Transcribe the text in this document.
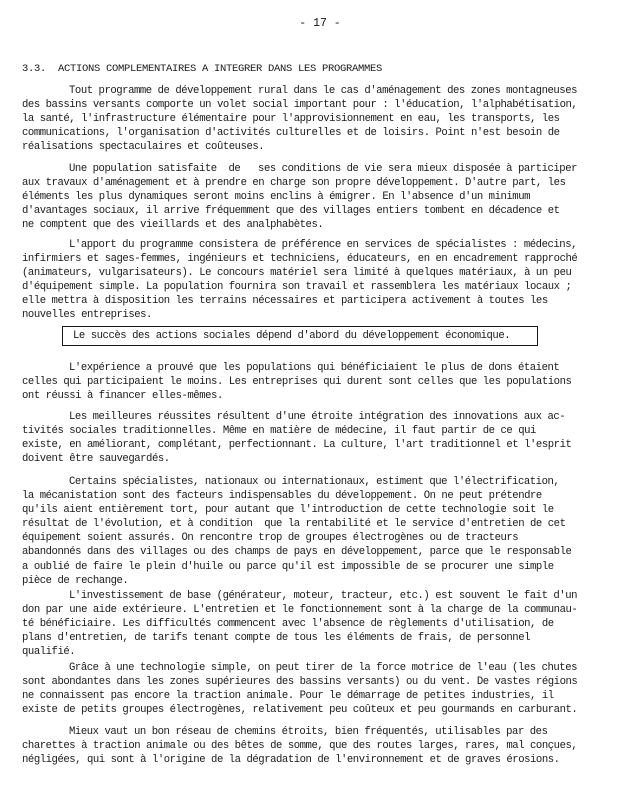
- 17 -
3.3. ACTIONS COMPLEMENTAIRES A INTEGRER DANS LES PROGRAMMES
Tout programme de développement rural dans le cas d'aménagement des zones montagneuses
des bassins versants comporte un volet social important pour : l'éducation, l'alphabétisation,
la santé, l'infrastructure élémentaire pour l'approvisionnement en eau, les transports, les
communications, l'organisation d'activités culturelles et de loisirs. Point n'est besoin de
réalisations spectaculaires et coûteuses.
Une population satisfaite  de   ses conditions de vie sera mieux disposée à participer
aux travaux d'aménagement et à prendre en charge son propre développement. D'autre part, les
éléments les plus dynamiques seront moins enclins à émigrer. En l'absence d'un minimum
d'avantages sociaux, il arrive fréquemment que des villages entiers tombent en décadence et
ne comptent que des vieillards et des analphabètes.
L'apport du programme consistera de préférence en services de spécialistes : médecins,
infirmiers et sages-femmes, ingénieurs et techniciens, éducateurs, en en encadrement rapproché
(animateurs, vulgarisateurs). Le concours matériel sera limité à quelques matériaux, à un peu
d'équipement simple. La population fournira son travail et rassemblera les matériaux locaux ;
elle mettra à disposition les terrains nécessaires et participera activement à toutes les
nouvelles entreprises.
Le succès des actions sociales dépend d'abord du développement économique.
L'expérience a prouvé que les populations qui bénéficiaient le plus de dons étaient
celles qui participaient le moins. Les entreprises qui durent sont celles que les populations
ont réussi à financer elles-mêmes.
Les meilleures réussites résultent d'une étroite intégration des innovations aux ac-
tivités sociales traditionnelles. Même en matière de médecine, il faut partir de ce qui
existe, en améliorant, complétant, perfectionnant. La culture, l'art traditionnel et l'esprit
doivent être sauvegardés.
Certains spécialistes, nationaux ou internationaux, estiment que l'électrification,
la mécanistation sont des facteurs indispensables du développement. On ne peut prétendre
qu'ils aient entièrement tort, pour autant que l'introduction de cette technologie soit le
résultat de l'évolution, et à condition  que la rentabilité et le service d'entretien de cet
équipement soient assurés. On rencontre trop de groupes électrogènes ou de tracteurs
abandonnés dans des villages ou des champs de pays en développement, parce que le responsable
a oublié de faire le plein d'huile ou parce qu'il est impossible de se procurer une simple
pièce de rechange.
L'investissement de base (générateur, moteur, tracteur, etc.) est souvent le fait d'un
don par une aide extérieure. L'entretien et le fonctionnement sont à la charge de la communau-
té bénéficiaire. Les difficultés commencent avec l'absence de règlements d'utilisation, de
plans d'entretien, de tarifs tenant compte de tous les éléments de frais, de personnel
qualifié.
Grâce à une technologie simple, on peut tirer de la force motrice de l'eau (les chutes
sont abondantes dans les zones supérieures des bassins versants) ou du vent. De vastes régions
ne connaissent pas encore la traction animale. Pour le démarrage de petites industries, il
existe de petits groupes électrogènes, relativement peu coûteux et peu gourmands en carburant.
Mieux vaut un bon réseau de chemins étroits, bien fréquentés, utilisables par des
charettes à traction animale ou des bêtes de somme, que des routes larges, rares, mal conçues,
négligées, qui sont à l'origine de la dégradation de l'environnement et de graves érosions.
